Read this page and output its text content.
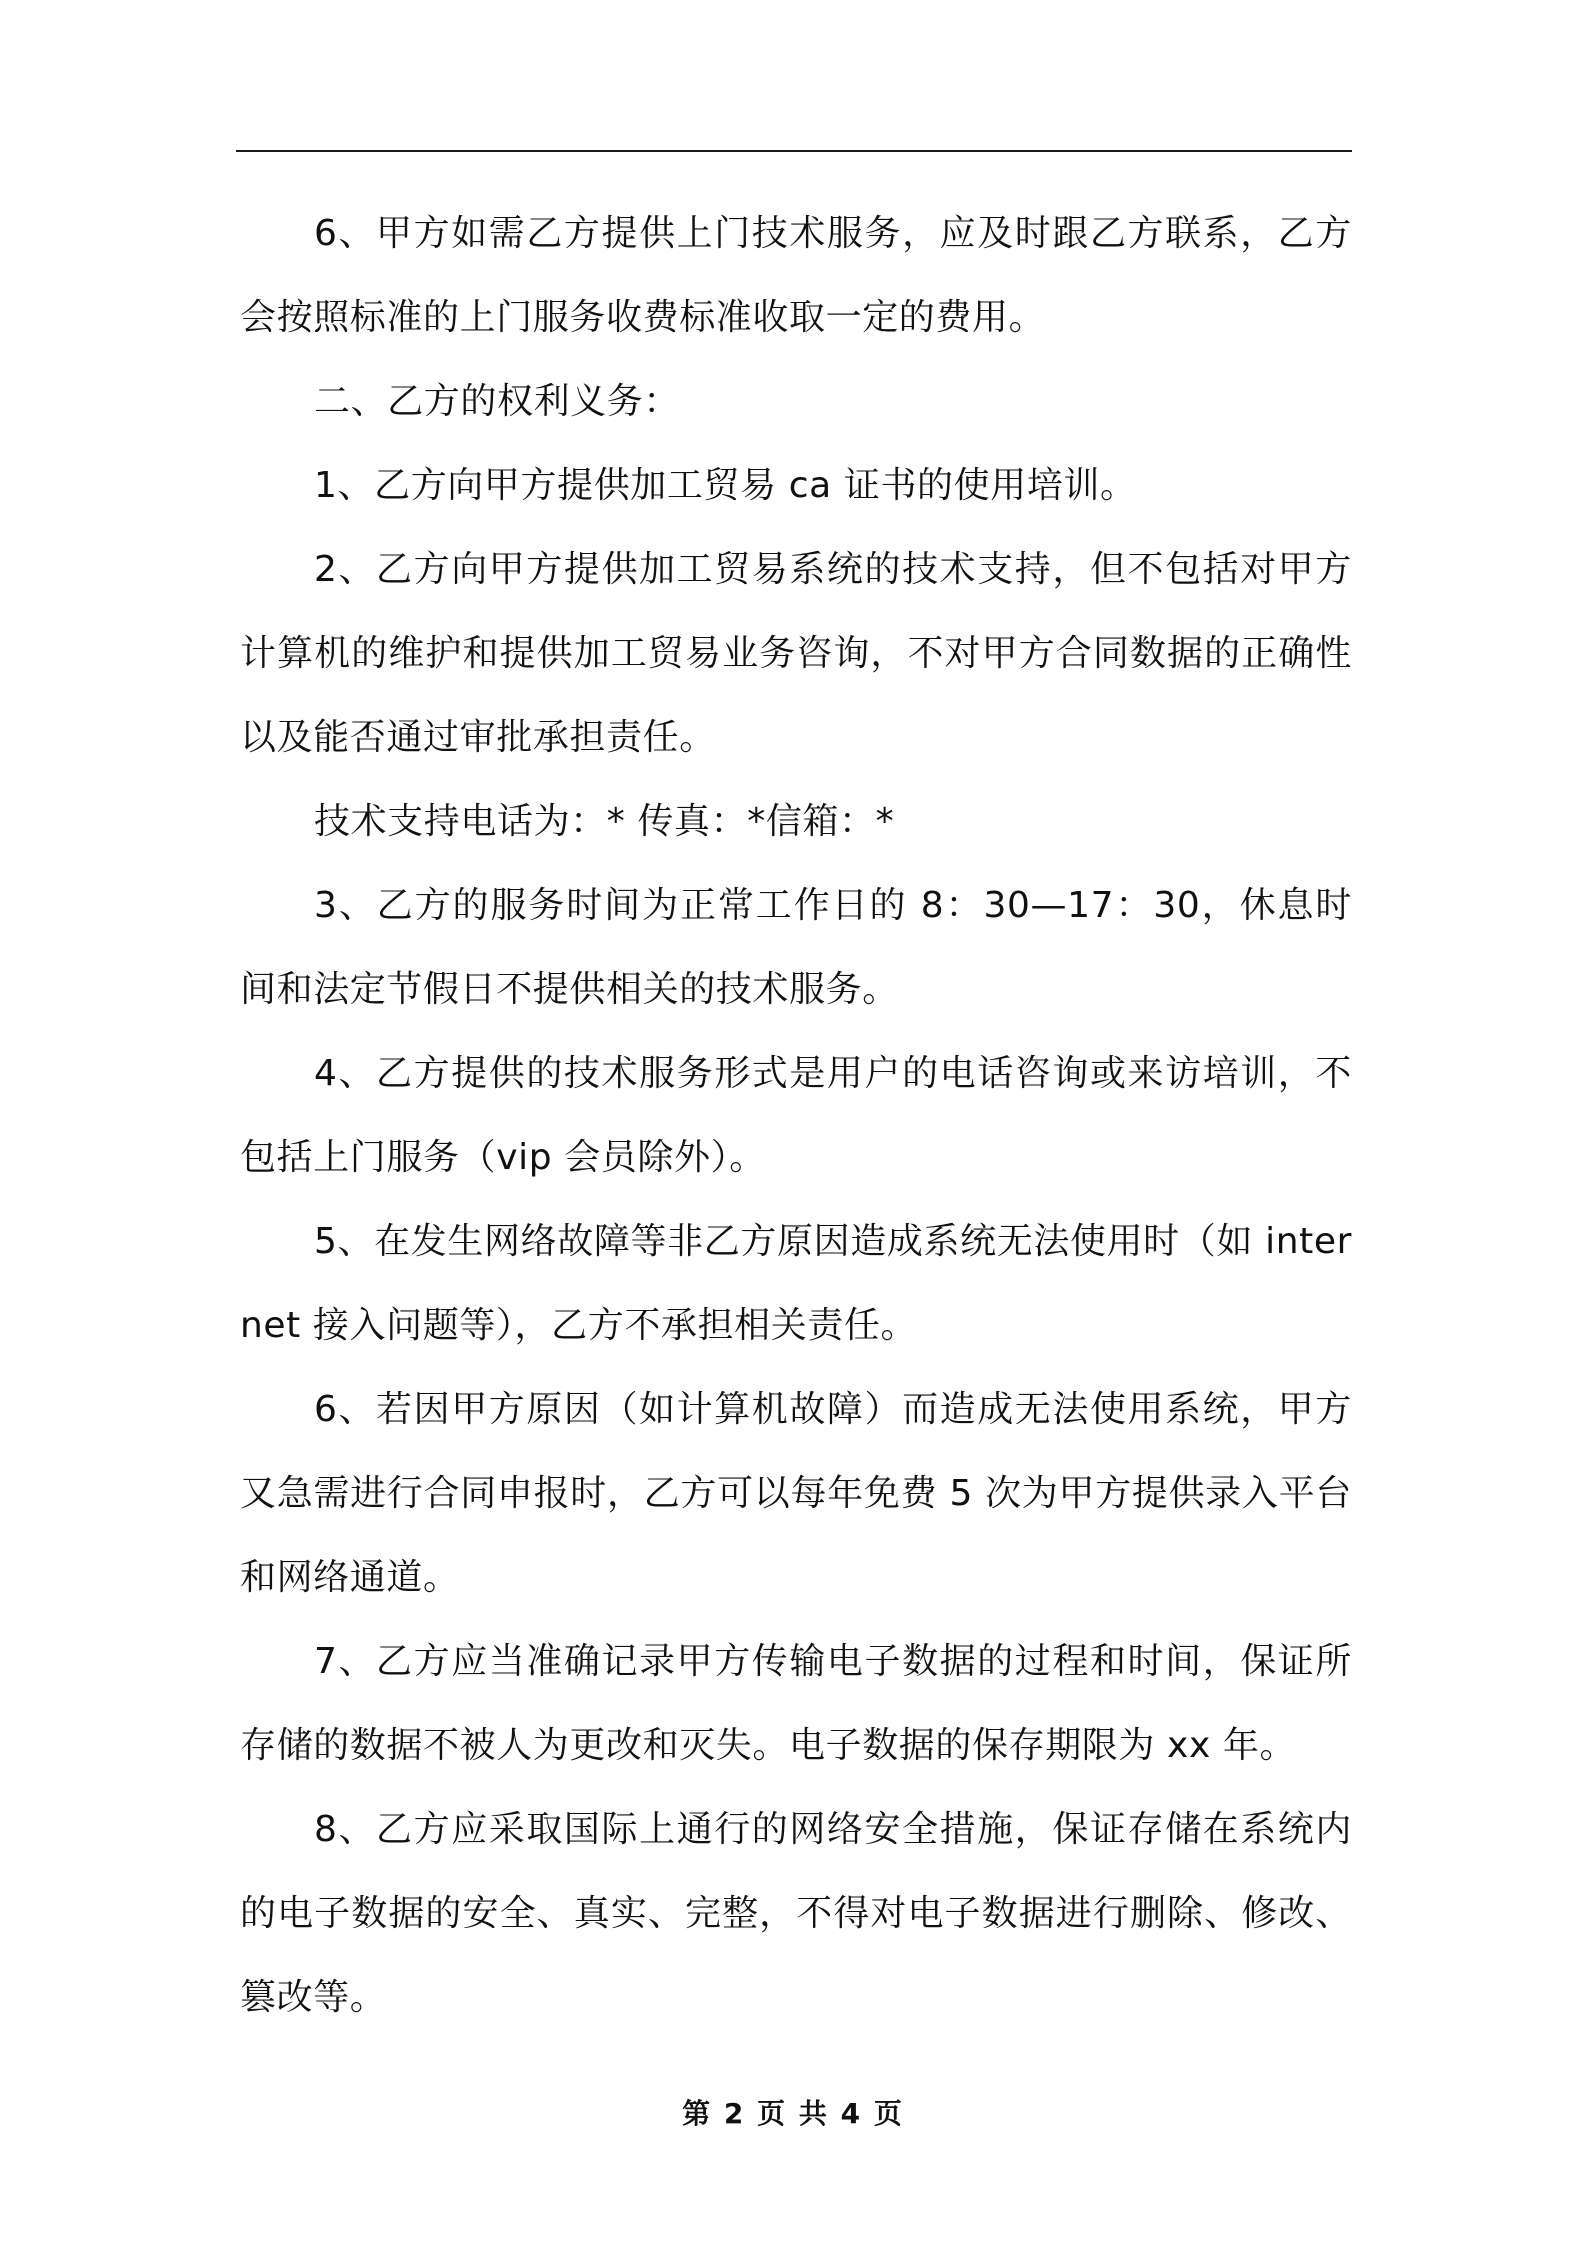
6、甲方如需乙方提供上门技术服务，应及时跟乙方联系，乙方会按照标准的上门服务收费标准收取一定的费用。

二、乙方的权利义务：

1、乙方向甲方提供加工贸易 ca 证书的使用培训。

2、乙方向甲方提供加工贸易系统的技术支持，但不包括对甲方计算机的维护和提供加工贸易业务咨询，不对甲方合同数据的正确性以及能否通过审批承担责任。

技术支持电话为：* 传真：*信箱：*

3、乙方的服务时间为正常工作日的 8：30—17：30，休息时间和法定节假日不提供相关的技术服务。

4、乙方提供的技术服务形式是用户的电话咨询或来访培训，不包括上门服务（vip 会员除外）。

5、在发生网络故障等非乙方原因造成系统无法使用时（如 internet 接入问题等），乙方不承担相关责任。

6、若因甲方原因（如计算机故障）而造成无法使用系统，甲方又急需进行合同申报时，乙方可以每年免费 5 次为甲方提供录入平台和网络通道。

7、乙方应当准确记录甲方传输电子数据的过程和时间，保证所存储的数据不被人为更改和灭失。电子数据的保存期限为 xx 年。

8、乙方应采取国际上通行的网络安全措施，保证存储在系统内的电子数据的安全、真实、完整，不得对电子数据进行删除、修改、篡改等。

第 2 页 共 4 页
